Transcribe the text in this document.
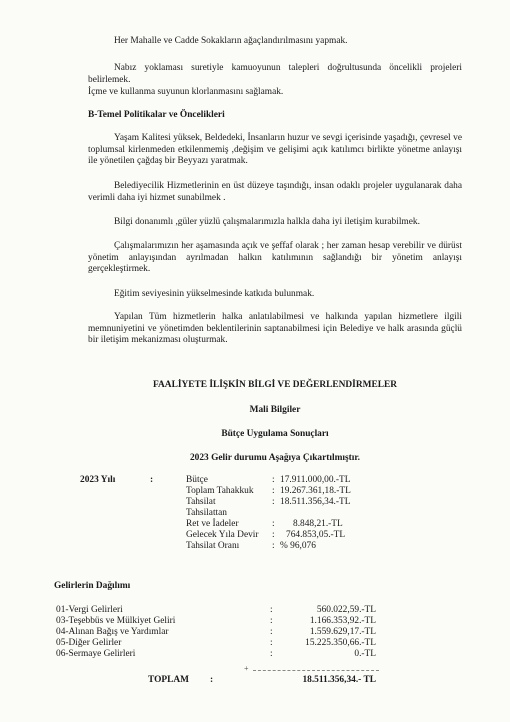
Her Mahalle ve Cadde Sokakların ağaçlandırılmasını yapmak.

Nabız yoklaması suretiyle kamuoyunun talepleri doğrultusunda öncelikli projeleri belirlemek.

İçme ve kullanma suyunun klorlanmasını sağlamak.

B-Temel Politikalar ve Öncelikleri

Yaşam Kalitesi yüksek, Beldedeki, İnsanların huzur ve sevgi içerisinde yaşadığı, çevresel ve toplumsal kirlenmeden etkilenmemiş ,değişim ve gelişimi açık katılımcı birlikte yönetme anlayışı ile yönetilen çağdaş bir Beyyazı yaratmak.

Belediyecilik Hizmetlerinin en üst düzeye taşındığı, insan odaklı projeler uygulanarak daha verimli daha iyi hizmet sunabilmek .

Bilgi donanımlı ,güler yüzlü çalışmalarımızla halkla daha iyi iletişim kurabilmek.

Çalışmalarımızın her aşamasında açık ve şeffaf olarak ; her zaman hesap verebilir ve dürüst yönetim anlayışından ayrılmadan halkın katılımının sağlandığı bir yönetim anlayışı gerçekleştirmek.

Eğitim seviyesinin yükselmesinde katkıda bulunmak.

Yapılan Tüm hizmetlerin halka anlatılabilmesi ve halkında yapılan hizmetlere ilgili memnuniyetini ve yönetimden beklentilerinin saptanabilmesi için Belediye ve halk arasında güçlü bir iletişim mekanizması oluşturmak.

FAALİYETE İLİŞKİN BİLGİ VE DEĞERLENDİRMELER

Mali Bilgiler

Bütçe Uygulama Sonuçları

2023 Gelir durumu Aşağıya Çıkartılmıştır.

2023 Yılı	:	Bütçe	: 17.911.000,00.-TL
Toplam Tahakkuk : 19.267.361,18.-TL
Tahsilat	: 18.511.356,34.-TL
Tahsilattan
Ret ve İadeler	: 8.848,21.-TL
Gelecek Yıla Devir : 764.853,05.-TL
Tahsilat Oranı	: % 96,076

Gelirlerin Dağılımı

01-Vergi Gelirleri	:	560.022,59.-TL
03-Teşebbüs ve Mülkiyet Geliri	:	1.166.353,92.-TL
04-Alınan Bağış ve Yardımlar	:	1.559.629,17.-TL
05-Diğer Gelirler	:	15.225.350,66.-TL
06-Sermaye Gelirleri	:	0.-TL
+
TOPLAM :	18.511.356,34.- TL
